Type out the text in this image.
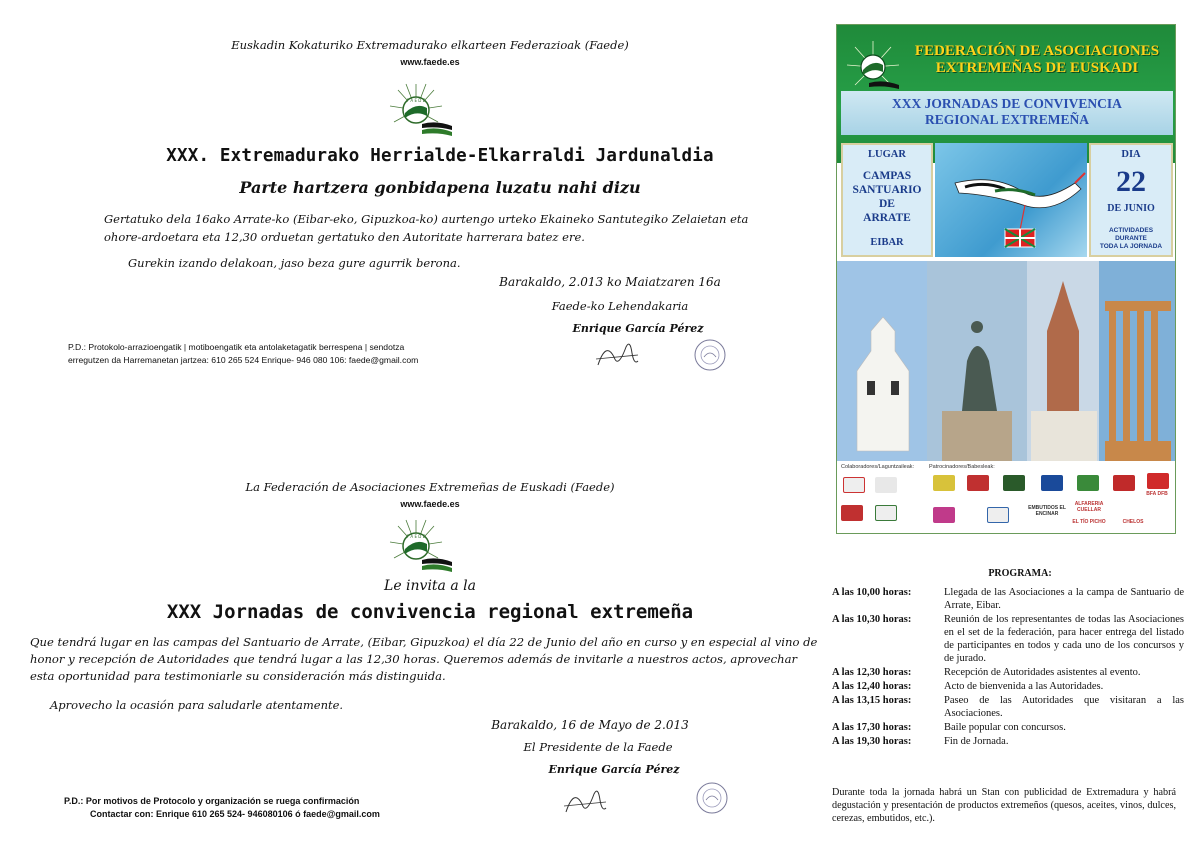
Euskadin Kokaturiko Extremadurako elkarteen Federazioak (Faede)
www.faede.es
F A E D E
XXX. Extremadurako Herrialde-Elkarraldi Jardunaldia
Parte hartzera gonbidapena luzatu nahi dizu
Gertatuko dela 16ako Arrate-ko (Eibar-eko, Gipuzkoa-ko) aurtengo urteko Ekaineko Santutegiko Zelaietan eta ohore-ardoetara eta 12,30 orduetan gertatuko den Autoritate harrerara batez ere.
Gurekin izando delakoan, jaso beza gure agurrik berona.
Barakaldo, 2.013 ko Maiatzaren 16a
Faede-ko Lehendakaria
Enrique García Pérez
P.D.: Protokolo-arrazioengatik | motiboengatik eta antolaketagatik berrespena | sendotza
erregutzen da Harremanetan jartzea: 610 265 524 Enrique- 946 080 106: faede@gmail.com
La Federación de Asociaciones Extremeñas de Euskadi (Faede)
www.faede.es
F A E D E
Le invita a la
XXX Jornadas de convivencia regional extremeña
Que tendrá lugar en las campas del Santuario de Arrate, (Eibar, Gipuzkoa) el día 22 de Junio del año en curso y en especial al vino de honor y recepción de Autoridades que tendrá lugar a las 12,30 horas. Queremos además de invitarle a nuestros actos, aprovechar esta oportunidad para testimoniarle su consideración más distinguida.
Aprovecho la ocasión para saludarle atentamente.
Barakaldo, 16 de Mayo de 2.013
El Presidente de la Faede
Enrique García Pérez
P.D.: Por motivos de Protocolo y organización se ruega confirmación
Contactar con: Enrique 610 265 524- 946080106 ó faede@gmail.com
FEDERACIÓN DE ASOCIACIONES
EXTREMEÑAS DE EUSKADI
XXX JORNADAS DE CONVIVENCIA
REGIONAL EXTREMEÑA
LUGAR
CAMPAS
SANTUARIO
DE
ARRATE
EIBAR
DIA
22
DE JUNIO
ACTIVIDADES DURANTE
TODA LA JORNADA
Colaboradores/Laguntzaileak:	Patrocinadores/Babesleak:
BFA DFB
EMBUTIDOS EL ENCINAR
ALFARERIA CUELLAR
EL TÍO PICHO	CHELOS
PROGRAMA:
A las 10,00 horas:	Llegada de las Asociaciones a la campa de Santuario de Arrate, Eibar.
A las 10,30 horas:	Reunión de los representantes de todas las Asociaciones en el set de la federación, para hacer entrega del listado de participantes en todos y cada uno de los concursos y de jurado.
A las 12,30 horas:	Recepción de Autoridades asistentes al evento.
A las 12,40 horas:	Acto de bienvenida a las Autoridades.
A las 13,15 horas:	Paseo de las Autoridades que visitaran a las Asociaciones.
A las 17,30 horas:	Baile popular con concursos.
A las 19,30 horas:	Fin de Jornada.
Durante toda la jornada habrá un Stan con publicidad de Extremadura y habrá degustación y presentación de productos extremeños (quesos, aceites, vinos, dulces, cerezas, embutidos, etc.).
